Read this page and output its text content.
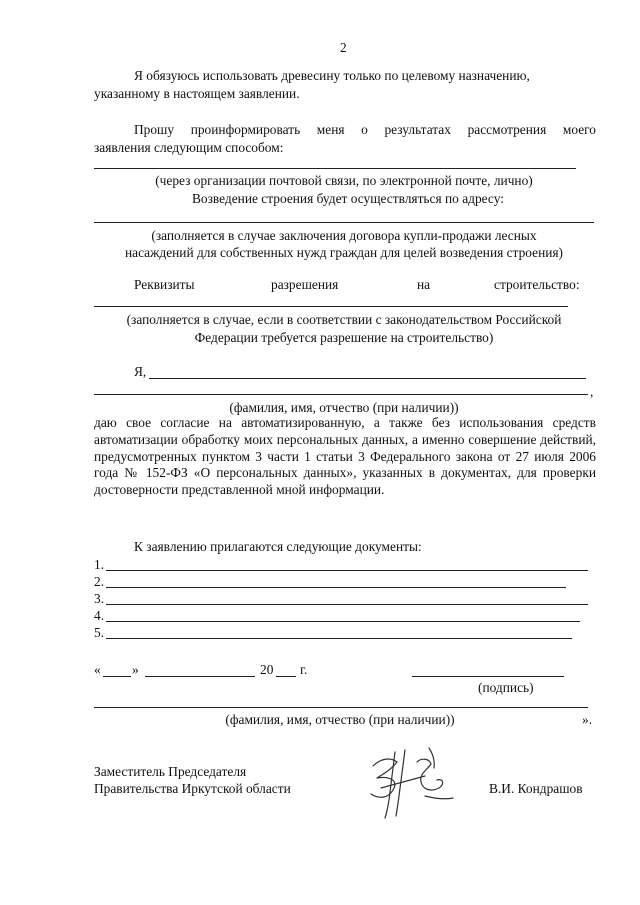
2
Я обязуюсь использовать древесину только по целевому назначению,
указанному в настоящем заявлении.
Прошу проинформировать меня о результатах рассмотрения моего
заявления следующим способом:
(через организации почтовой связи, по электронной почте, лично)
Возведение строения будет осуществляться по адресу:
(заполняется в случае заключения договора купли-продажи лесных
насаждений для собственных нужд граждан для целей возведения строения)
Реквизиты	разрешения	на	строительство:
(заполняется в случае, если в соответствии с законодательством Российской
Федерации требуется разрешение на строительство)
Я,
,
(фамилия, имя, отчество (при наличии))
даю свое согласие на автоматизированную, а также без использования средств автоматизации обработку моих персональных данных, а именно совершение действий, предусмотренных пунктом 3 части 1 статьи 3 Федерального закона от 27 июля 2006 года № 152-ФЗ «О персональных данных», указанных в документах, для проверки достоверности представленной мной информации.
К заявлению прилагаются следующие документы:
1.
2.
3.
4.
5.
« »	20 г.
(подпись)
(фамилия, имя, отчество (при наличии))	».
Заместитель Председателя
Правительства Иркутской области	В.И. Кондрашов
